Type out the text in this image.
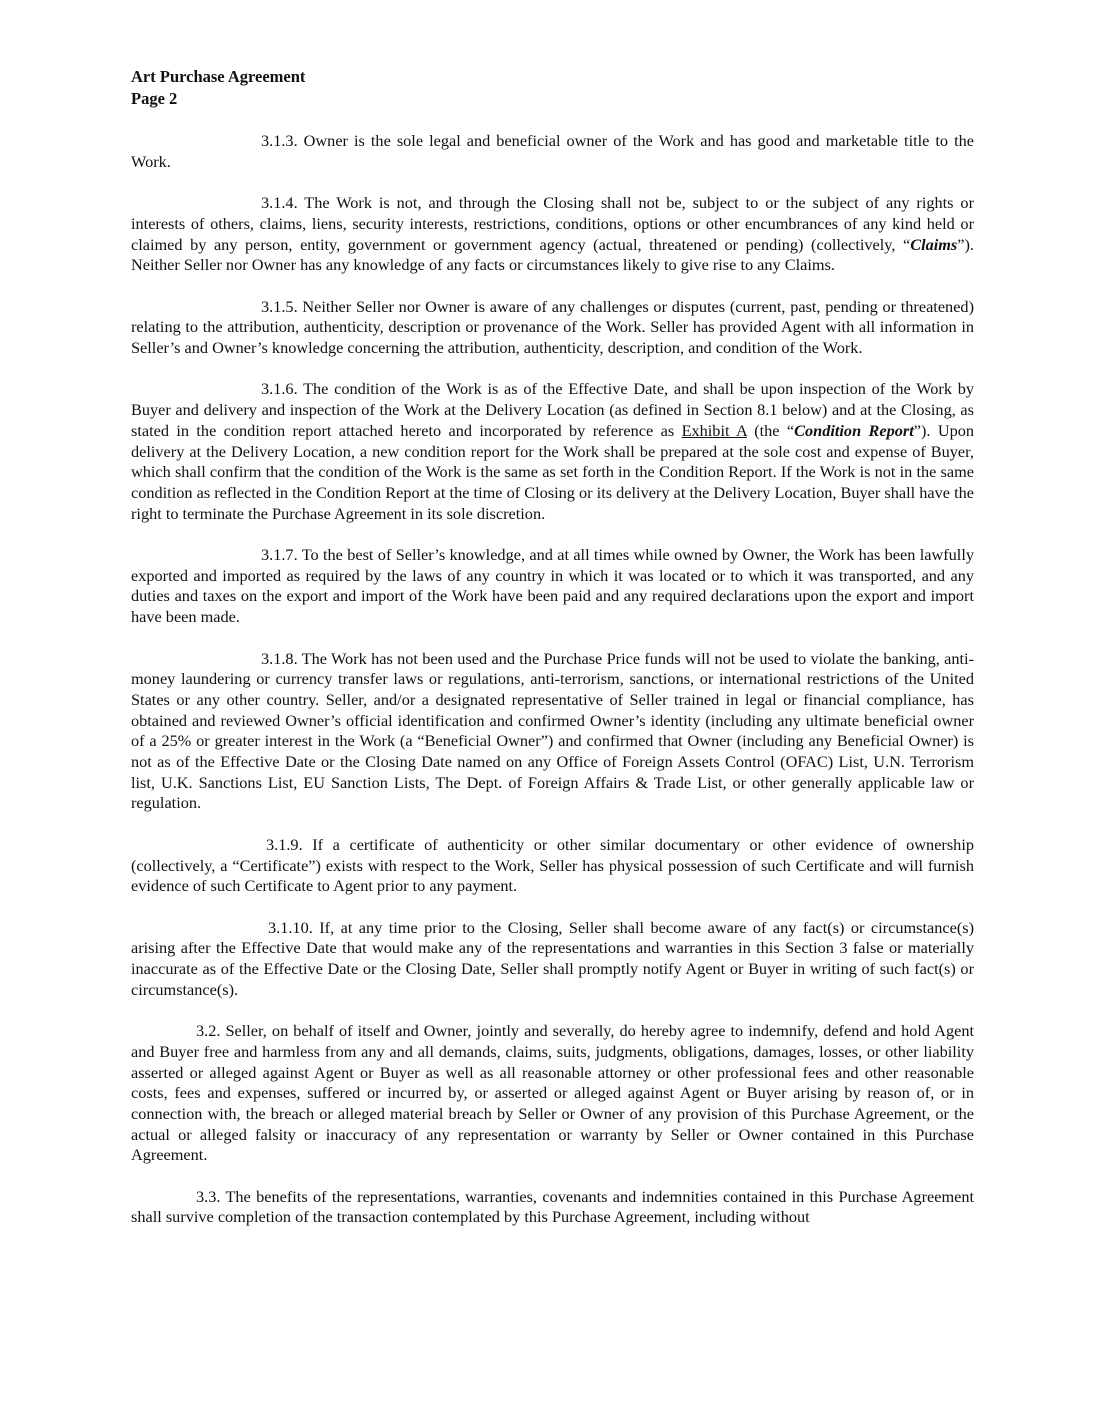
Art Purchase Agreement
Page 2

3.1.3. Owner is the sole legal and beneficial owner of the Work and has good and marketable title to the Work.

3.1.4. The Work is not, and through the Closing shall not be, subject to or the subject of any rights or interests of others, claims, liens, security interests, restrictions, conditions, options or other encumbrances of any kind held or claimed by any person, entity, government or government agency (actual, threatened or pending) (collectively, “Claims”). Neither Seller nor Owner has any knowledge of any facts or circumstances likely to give rise to any Claims.

3.1.5. Neither Seller nor Owner is aware of any challenges or disputes (current, past, pending or threatened) relating to the attribution, authenticity, description or provenance of the Work. Seller has provided Agent with all information in Seller’s and Owner’s knowledge concerning the attribution, authenticity, description, and condition of the Work.

3.1.6. The condition of the Work is as of the Effective Date, and shall be upon inspection of the Work by Buyer and delivery and inspection of the Work at the Delivery Location (as defined in Section 8.1 below) and at the Closing, as stated in the condition report attached hereto and incorporated by reference as Exhibit A (the “Condition Report”). Upon delivery at the Delivery Location, a new condition report for the Work shall be prepared at the sole cost and expense of Buyer, which shall confirm that the condition of the Work is the same as set forth in the Condition Report. If the Work is not in the same condition as reflected in the Condition Report at the time of Closing or its delivery at the Delivery Location, Buyer shall have the right to terminate the Purchase Agreement in its sole discretion.

3.1.7. To the best of Seller’s knowledge, and at all times while owned by Owner, the Work has been lawfully exported and imported as required by the laws of any country in which it was located or to which it was transported, and any duties and taxes on the export and import of the Work have been paid and any required declarations upon the export and import have been made.

3.1.8. The Work has not been used and the Purchase Price funds will not be used to violate the banking, anti-money laundering or currency transfer laws or regulations, anti-terrorism, sanctions, or international restrictions of the United States or any other country. Seller, and/or a designated representative of Seller trained in legal or financial compliance, has obtained and reviewed Owner’s official identification and confirmed Owner’s identity (including any ultimate beneficial owner of a 25% or greater interest in the Work (a “Beneficial Owner”) and confirmed that Owner (including any Beneficial Owner) is not as of the Effective Date or the Closing Date named on any Office of Foreign Assets Control (OFAC) List, U.N. Terrorism list, U.K. Sanctions List, EU Sanction Lists, The Dept. of Foreign Affairs & Trade List, or other generally applicable law or regulation.

3.1.9. If a certificate of authenticity or other similar documentary or other evidence of ownership (collectively, a “Certificate”) exists with respect to the Work, Seller has physical possession of such Certificate and will furnish evidence of such Certificate to Agent prior to any payment.

3.1.10. If, at any time prior to the Closing, Seller shall become aware of any fact(s) or circumstance(s) arising after the Effective Date that would make any of the representations and warranties in this Section 3 false or materially inaccurate as of the Effective Date or the Closing Date, Seller shall promptly notify Agent or Buyer in writing of such fact(s) or circumstance(s).

3.2. Seller, on behalf of itself and Owner, jointly and severally, do hereby agree to indemnify, defend and hold Agent and Buyer free and harmless from any and all demands, claims, suits, judgments, obligations, damages, losses, or other liability asserted or alleged against Agent or Buyer as well as all reasonable attorney or other professional fees and other reasonable costs, fees and expenses, suffered or incurred by, or asserted or alleged against Agent or Buyer arising by reason of, or in connection with, the breach or alleged material breach by Seller or Owner of any provision of this Purchase Agreement, or the actual or alleged falsity or inaccuracy of any representation or warranty by Seller or Owner contained in this Purchase Agreement.

3.3. The benefits of the representations, warranties, covenants and indemnities contained in this Purchase Agreement shall survive completion of the transaction contemplated by this Purchase Agreement, including without
